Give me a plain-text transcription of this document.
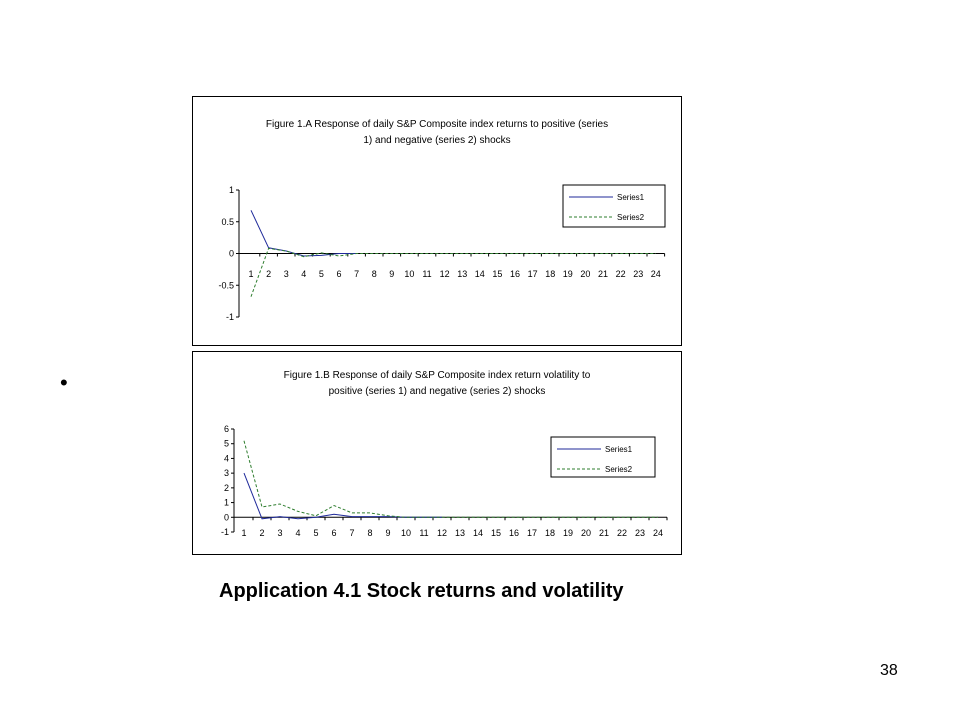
•
Figure 1.A Response of daily S&P Composite index returns to positive (series
1) and negative (series 2) shocks
1
0.5
0
-0.5
-1
1 2 3 4 5 6 7 8 9 10 11 12 13 14 15 16 17 18 19 20 21 22 23 24
Series1
Series2
Figure 1.B Response of daily S&P Composite index return volatility to
positive (series 1) and negative (series 2) shocks
6
5
4
3
2
1
0
-1 1 2 3 4 5 6 7 8 9 10 11 12 13 14 15 16 17 18 19 20 21 22 23 24
Series1
Series2
Application 4.1 Stock returns and volatility
38
